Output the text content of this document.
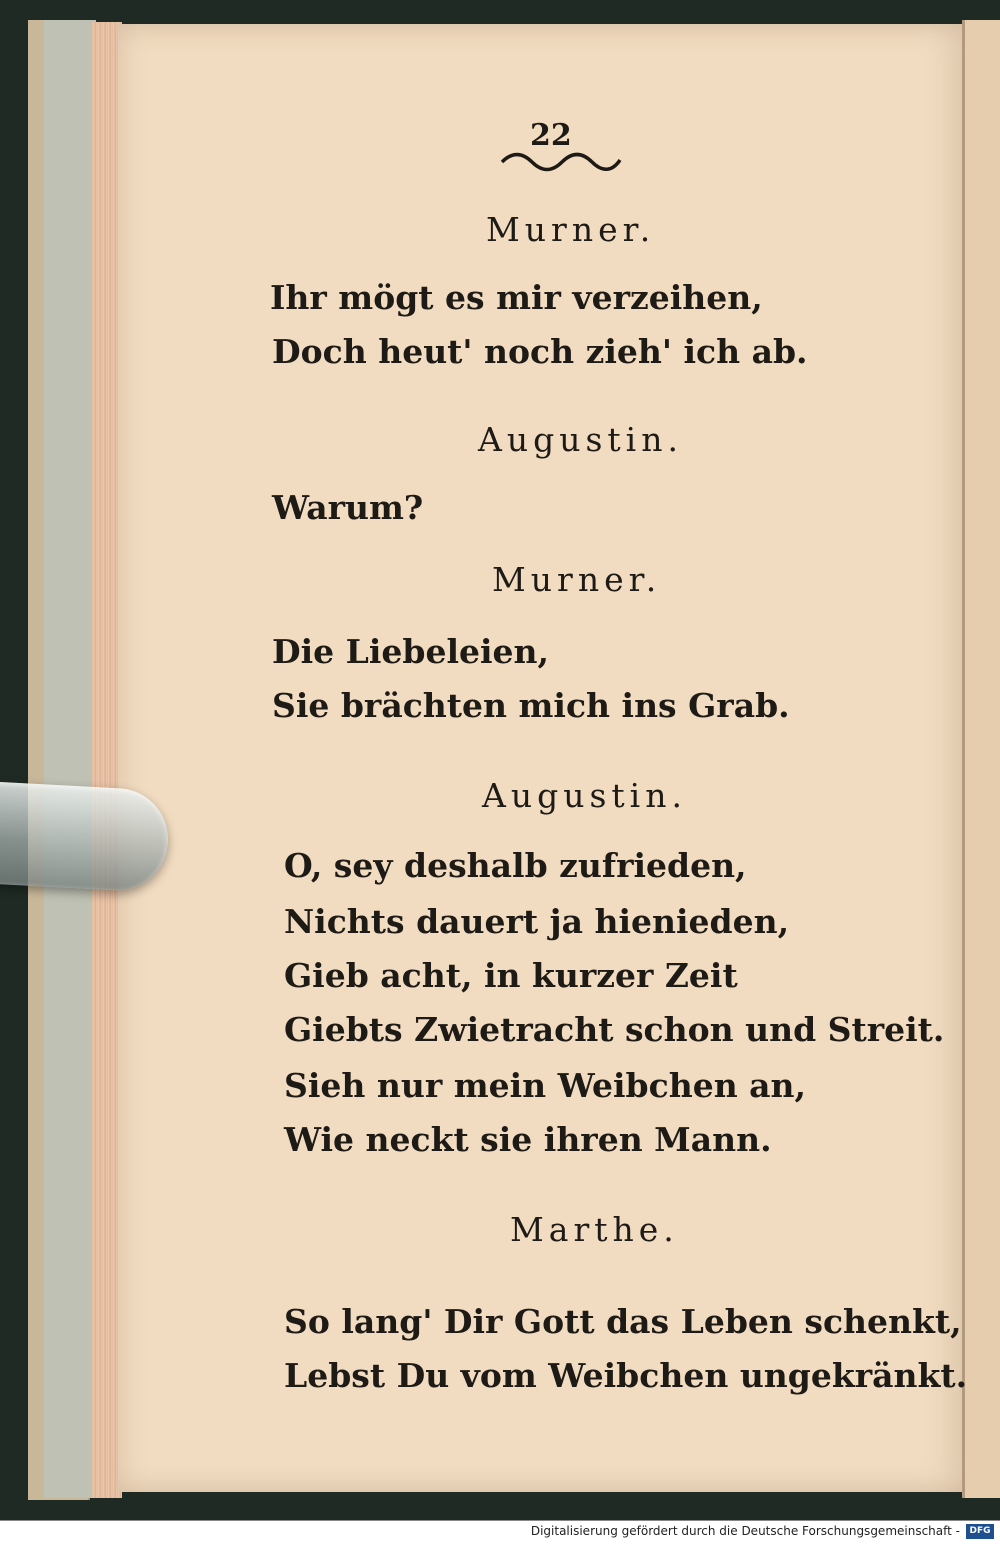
22
Murner.
Ihr mögt es mir verzeihen,
Doch heut' noch zieh' ich ab.
Augustin.
Warum?
Murner.
Die Liebeleien,
Sie brächten mich ins Grab.
Augustin.
O, sey deshalb zufrieden,
Nichts dauert ja hienieden,
Gieb acht, in kurzer Zeit
Giebts Zwietracht schon und Streit.
Sieh nur mein Weibchen an,
Wie neckt sie ihren Mann.
Marthe.
So lang' Dir Gott das Leben schenkt,
Lebst Du vom Weibchen ungekränkt.
Digitalisierung gefördert durch die Deutsche Forschungsgemeinschaft -	DFG
